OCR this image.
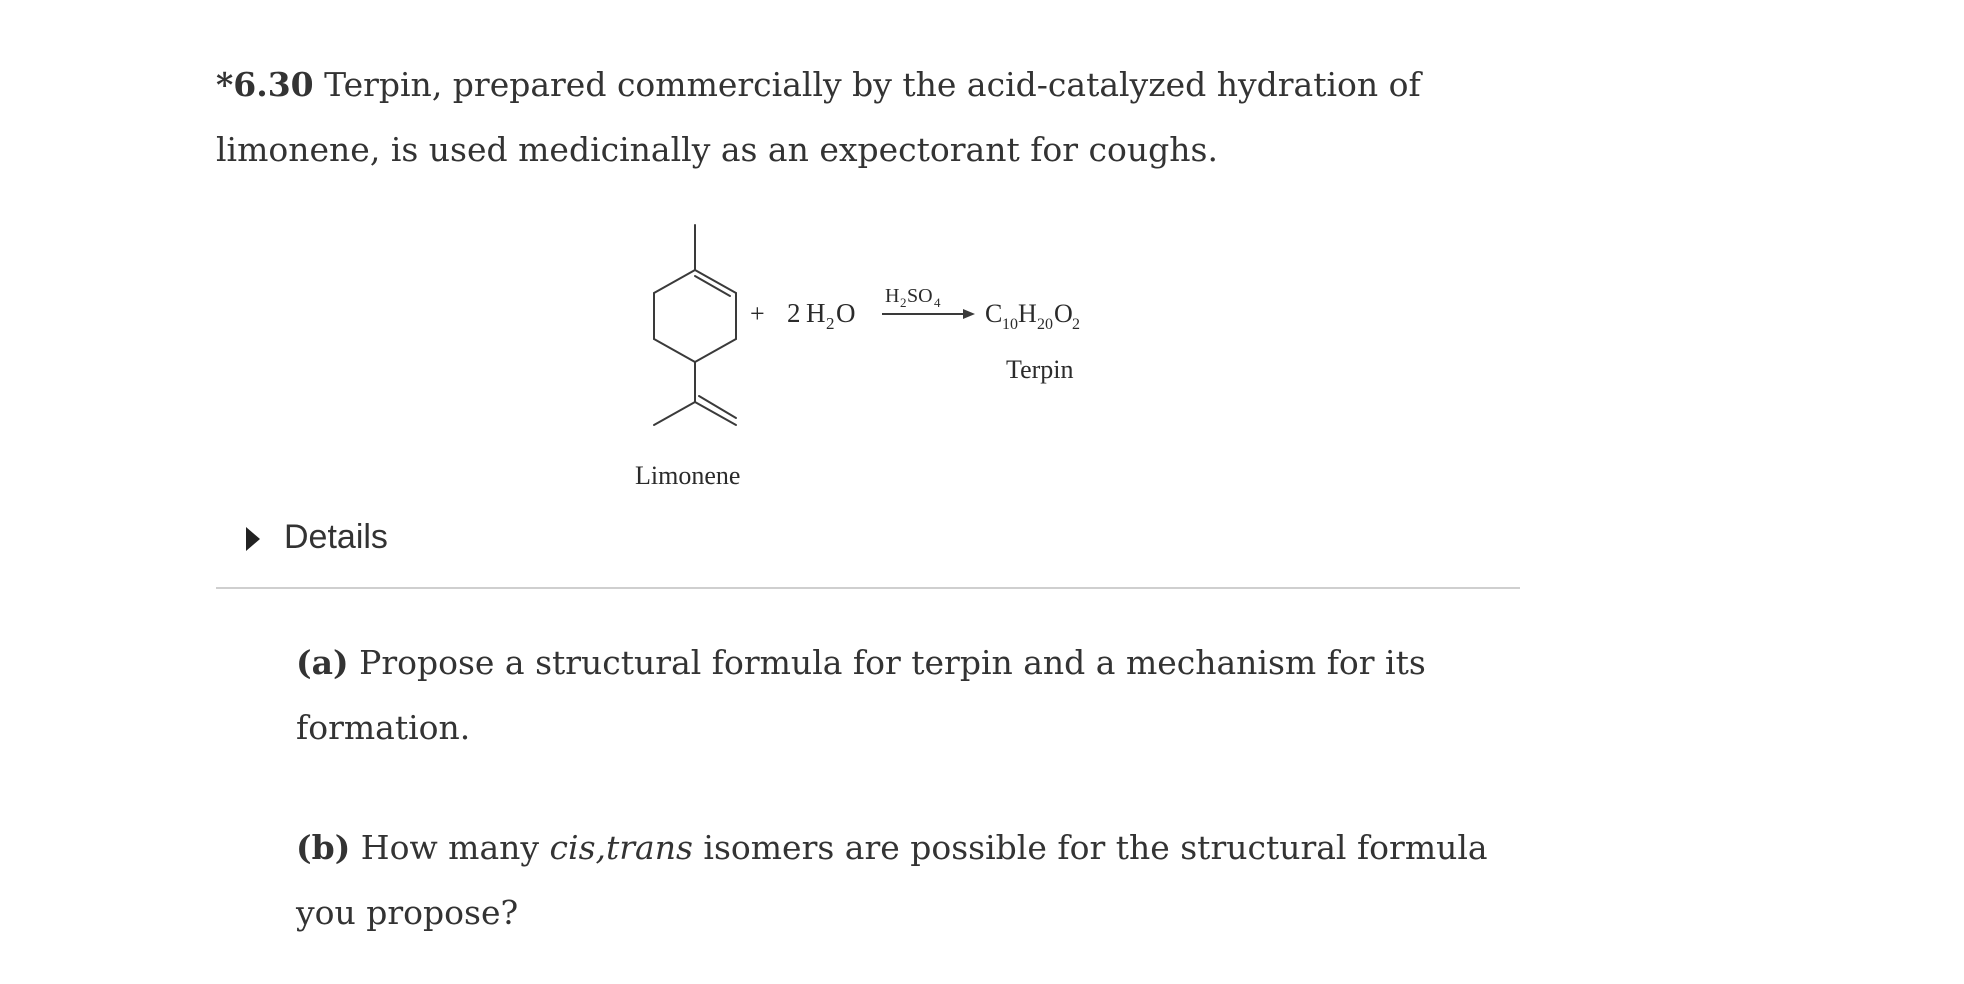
*6.30 Terpin, prepared commercially by the acid-catalyzed hydration of limonene, is used medicinally as an expectorant for coughs.

Limonene
+ 2 H 2 O
H 2 SO 4 C 10 H 20 O 2
Terpin
Details

(a) Propose a structural formula for terpin and a mechanism for its formation.

(b) How many cis,trans isomers are possible for the structural formula you propose?
